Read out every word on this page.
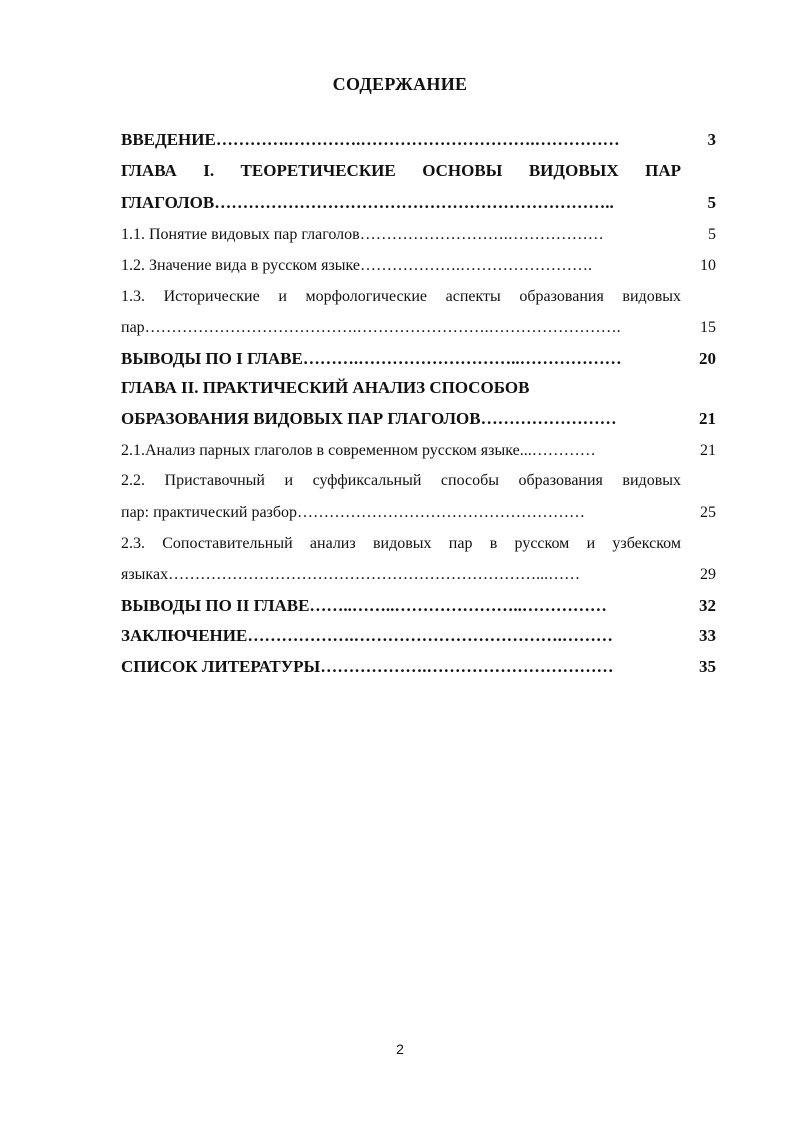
СОДЕРЖАНИЕ
ВВЕДЕНИЕ………….………….………………………….……………	3
ГЛАВА I. ТЕОРЕТИЧЕСКИЕ ОСНОВЫ ВИДОВЫХ ПАР
ГЛАГОЛОВ……………………………………………………………..	5
1.1. Понятие видовых пар глаголов……………………….………………	5
1.2. Значение вида в русском языке……………….…………………….	10
1.3. Исторические и морфологические аспекты образования видовых
пар………………………………….…………………….…………………….	15
ВЫВОДЫ ПО I ГЛАВЕ……….………………………..………………	20
ГЛАВА II. ПРАКТИЧЕСКИЙ АНАЛИЗ СПОСОБОВ
ОБРАЗОВАНИЯ ВИДОВЫХ ПАР ГЛАГОЛОВ……………………	21
2.1.Анализ парных глаголов в современном русском языке...…………	21
2.2. Приставочный и суффиксальный способы образования видовых
пар: практический разбор………………………………………………	25
2.3. Сопоставительный анализ видовых пар в русском и узбекском
языках……………………………………………………………...……	29
ВЫВОДЫ ПО II ГЛАВЕ……..……..…………………..……………	32
ЗАКЛЮЧЕНИЕ……………….……………………………….………	33
СПИСОК ЛИТЕРАТУРЫ……………….……………………………	35
2
